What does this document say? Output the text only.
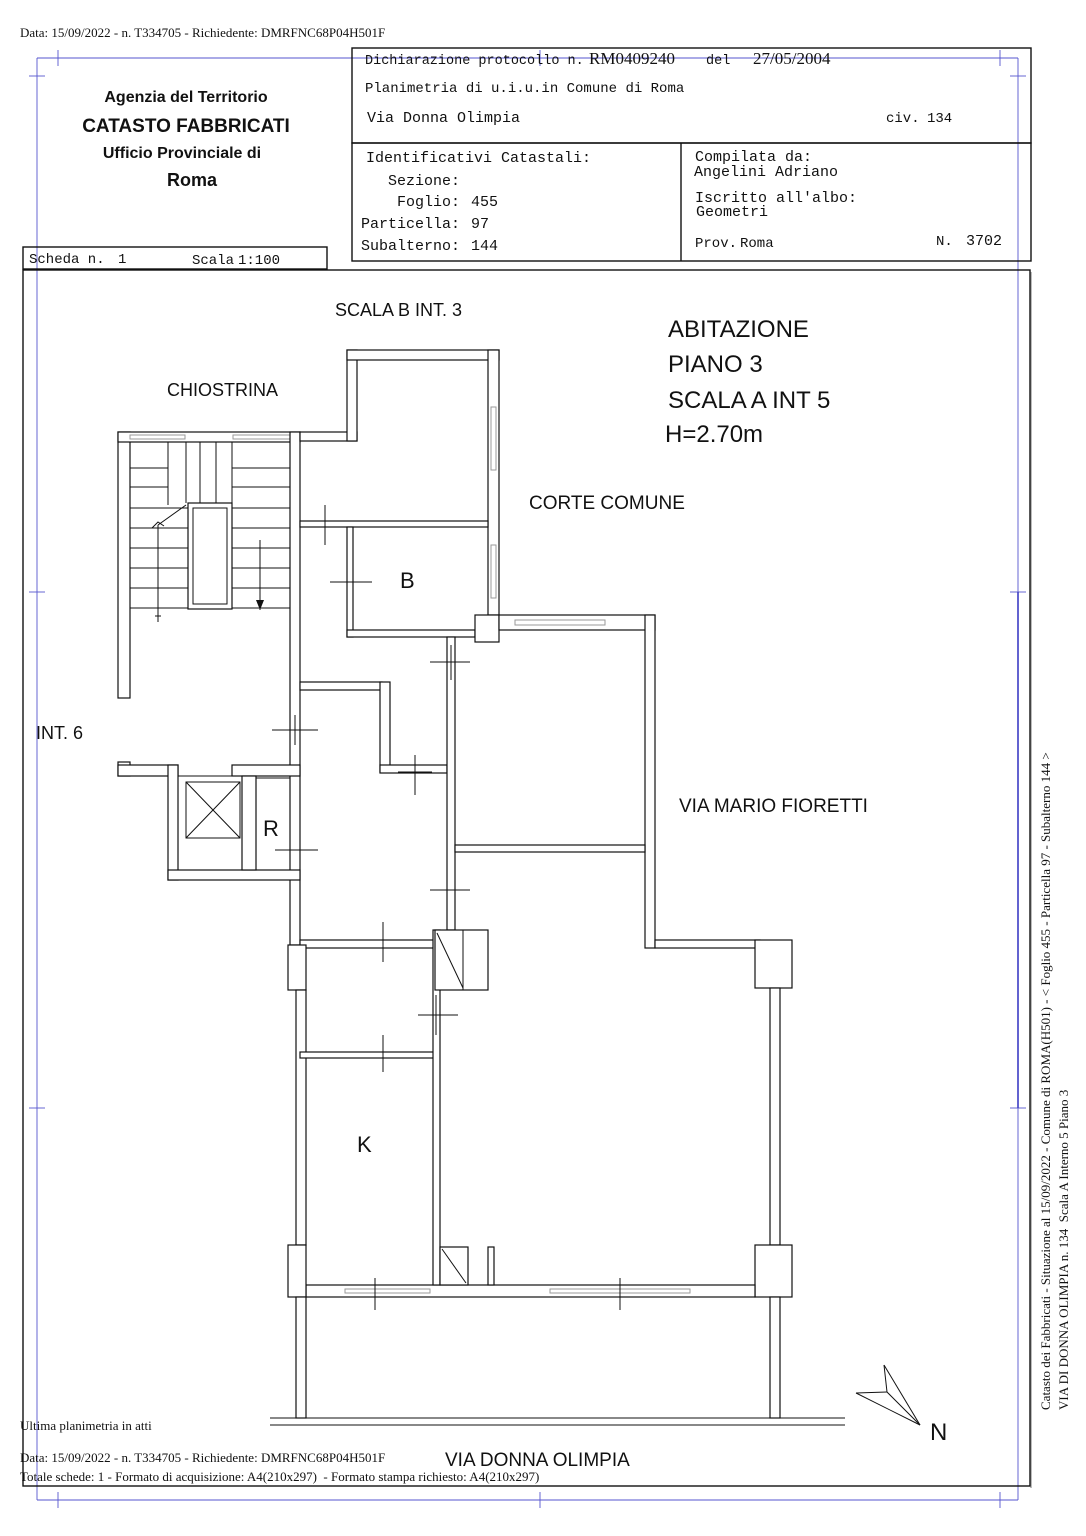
Data: 15/09/2022 - n. T334705 - Richiedente: DMRFNC68P04H501F
Agenzia del Territorio
CATASTO FABBRICATI
Ufficio Provinciale di
Roma
Dichiarazione protocollo n. RM0409240 del 27/05/2004
Planimetria di u.i.u.in Comune di Roma
Via Donna Olimpia	civ. 134
Identificativi Catastali:
Sezione:
Foglio: 455
Particella: 97
Subalterno: 144
Compilata da:
Angelini Adriano
Iscritto all'albo:
Geometri
Prov. Roma	N. 3702
Scheda n. 1	Scala 1:100
SCALA B INT. 3
CHIOSTRINA
ABITAZIONE
PIANO 3
SCALA A INT 5
H=2.70m
CORTE COMUNE
B
INT. 6
R
VIA MARIO FIORETTI
K
VIA DONNA OLIMPIA
N
Catasto dei Fabbricati - Situazione al 15/09/2022 - Comune di ROMA(H501) - < Foglio 455 - Particella 97 - Subalterno 144 > VIA DI DONNA OLIMPIA n. 134  Scala A Interno 5 Piano 3
Ultima planimetria in atti
Data: 15/09/2022 - n. T334705 - Richiedente: DMRFNC68P04H501F
Totale schede: 1 - Formato di acquisizione: A4(210x297)  - Formato stampa richiesto: A4(210x297)
